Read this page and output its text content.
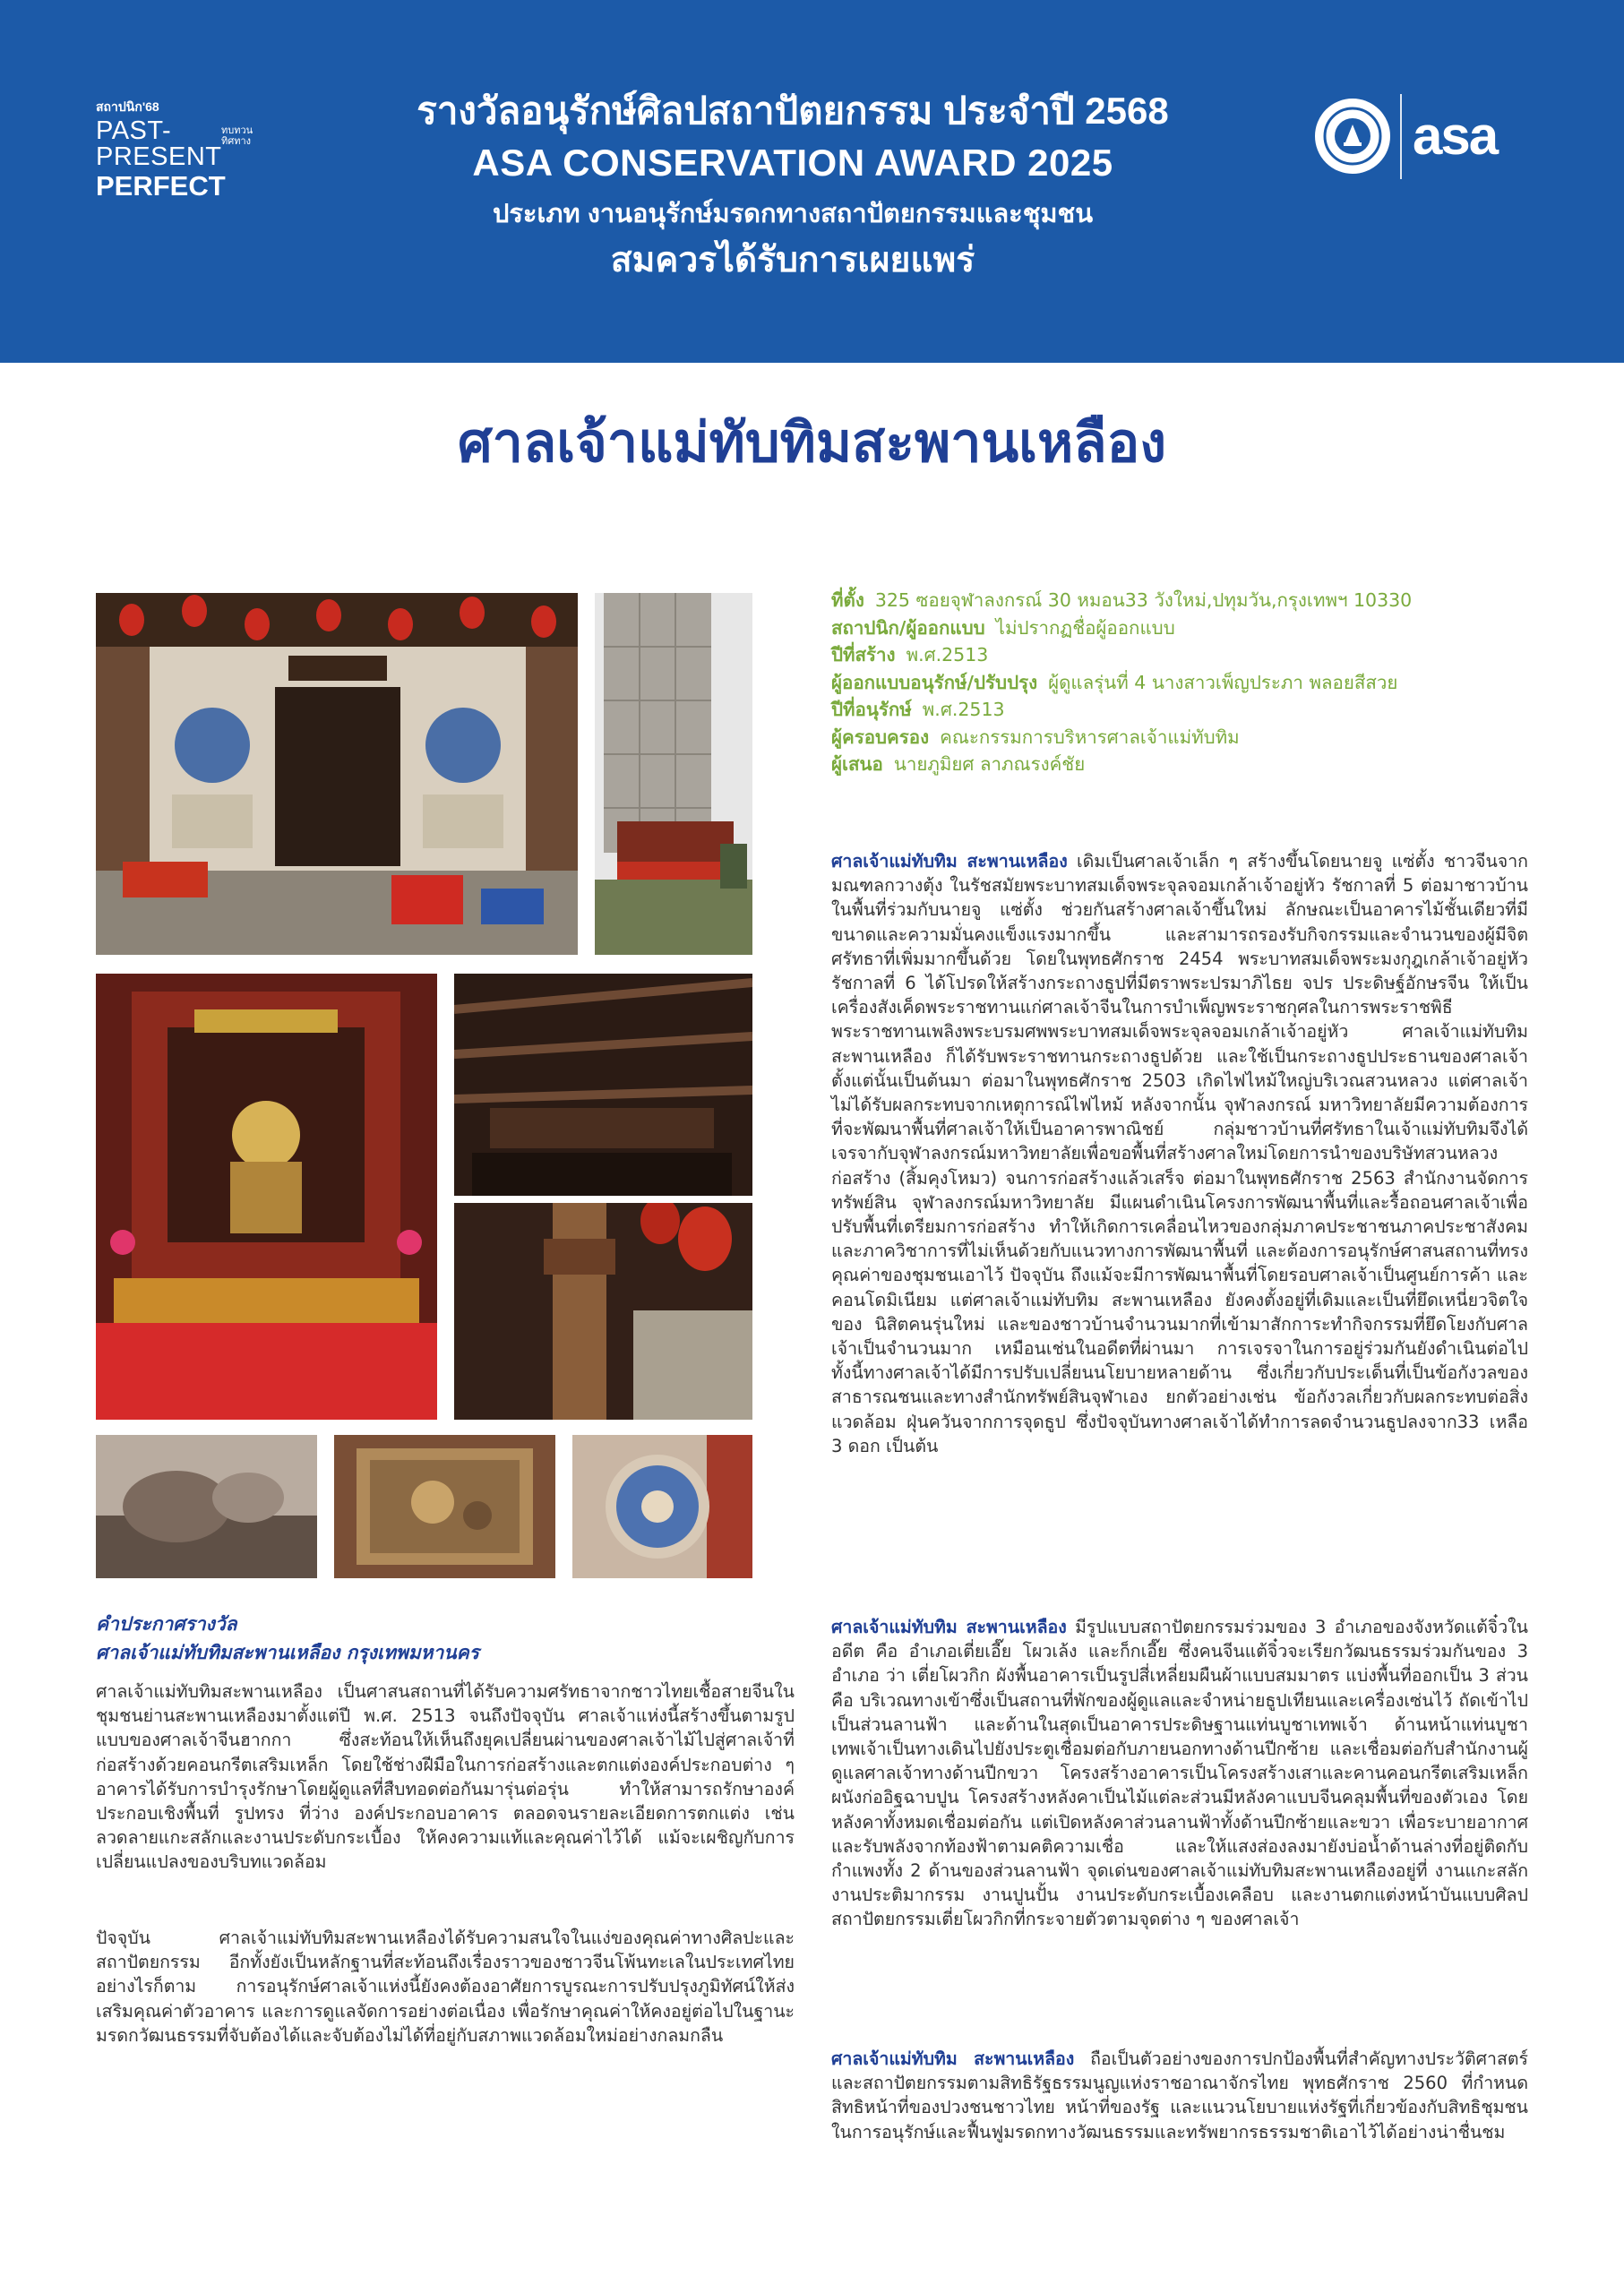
สถาปนิก'68
PAST-
PRESENT
PERFECT
ทบทวน
ทิศทาง
รางวัลอนุรักษ์ศิลปสถาปัตยกรรม ประจำปี 2568
ASA CONSERVATION AWARD 2025
ประเภท งานอนุรักษ์มรดกทางสถาปัตยกรรมและชุมชน
สมควรได้รับการเผยแพร่
asa
ศาลเจ้าแม่ทับทิมสะพานเหลือง
ที่ตั้ง 325 ซอยจุฬาลงกรณ์ 30 หมอน33 วังใหม่,ปทุมวัน,กรุงเทพฯ 10330
สถาปนิก/ผู้ออกแบบ ไม่ปรากฏชื่อผู้ออกแบบ
ปีที่สร้าง พ.ศ.2513
ผู้ออกแบบอนุรักษ์/ปรับปรุง ผู้ดูแลรุ่นที่ 4 นางสาวเพ็ญประภา พลอยสีสวย
ปีที่อนุรักษ์ พ.ศ.2513
ผู้ครอบครอง คณะกรรมการบริหารศาลเจ้าแม่ทับทิม
ผู้เสนอ นายภูมิยศ ลาภณรงค์ชัย
ศาลเจ้าแม่ทับทิม สะพานเหลือง เดิมเป็นศาลเจ้าเล็ก ๆ สร้างขึ้นโดยนายจู แซ่ตั้ง ชาวจีนจากมณฑลกวางตุ้ง ในรัชสมัยพระบาทสมเด็จพระจุลจอมเกล้าเจ้าอยู่หัว รัชกาลที่ 5 ต่อมาชาวบ้านในพื้นที่ร่วมกับนายจู แซ่ตั้ง ช่วยกันสร้างศาลเจ้าขึ้นใหม่ ลักษณะเป็นอาคารไม้ชั้นเดียวที่มีขนาดและความมั่นคงแข็งแรงมากขึ้น และสามารถรองรับกิจกรรมและจำนวนของผู้มีจิตศรัทธาที่เพิ่มมากขึ้นด้วย โดยในพุทธศักราช 2454 พระบาทสมเด็จพระมงกุฎเกล้าเจ้าอยู่หัว รัชกาลที่ 6 ได้โปรดให้สร้างกระถางธูปที่มีตราพระปรมาภิไธย จปร ประดิษฐ์อักษรจีน ให้เป็นเครื่องสังเค็ดพระราชทานแก่ศาลเจ้าจีนในการบำเพ็ญพระราชกุศลในการพระราชพิธีพระราชทานเพลิงพระบรมศพพระบาทสมเด็จพระจุลจอมเกล้าเจ้าอยู่หัว ศาลเจ้าแม่ทับทิม สะพานเหลือง ก็ได้รับพระราชทานกระถางธูปด้วย และใช้เป็นกระถางธูปประธานของศาลเจ้าตั้งแต่นั้นเป็นต้นมา ต่อมาในพุทธศักราช 2503 เกิดไฟไหม้ใหญ่บริเวณสวนหลวง แต่ศาลเจ้าไม่ได้รับผลกระทบจากเหตุการณ์ไฟไหม้ หลังจากนั้น จุฬาลงกรณ์ มหาวิทยาลัยมีความต้องการที่จะพัฒนาพื้นที่ศาลเจ้าให้เป็นอาคารพาณิชย์ กลุ่มชาวบ้านที่ศรัทธาในเจ้าแม่ทับทิมจึงได้เจรจากับจุฬาลงกรณ์มหาวิทยาลัยเพื่อขอพื้นที่สร้างศาลใหม่โดยการนำของบริษัทสวนหลวงก่อสร้าง (สิ้มคุงโหมว) จนการก่อสร้างแล้วเสร็จ ต่อมาในพุทธศักราช 2563 สำนักงานจัดการทรัพย์สิน จุฬาลงกรณ์มหาวิทยาลัย มีแผนดำเนินโครงการพัฒนาพื้นที่และรื้อถอนศาลเจ้าเพื่อปรับพื้นที่เตรียมการก่อสร้าง ทำให้เกิดการเคลื่อนไหวของกลุ่มภาคประชาชนภาคประชาสังคม และภาควิชาการที่ไม่เห็นด้วยกับแนวทางการพัฒนาพื้นที่ และต้องการอนุรักษ์ศาสนสถานที่ทรงคุณค่าของชุมชนเอาไว้ ปัจจุบัน ถึงแม้จะมีการพัฒนาพื้นที่โดยรอบศาลเจ้าเป็นศูนย์การค้า และคอนโดมิเนียม แต่ศาลเจ้าแม่ทับทิม สะพานเหลือง ยังคงตั้งอยู่ที่เดิมและเป็นที่ยึดเหนี่ยวจิตใจของ นิสิตคนรุ่นใหม่ และของชาวบ้านจำนวนมากที่เข้ามาสักการะทำกิจกรรมที่ยึดโยงกับศาลเจ้าเป็นจำนวนมาก เหมือนเช่นในอดีตที่ผ่านมา การเจรจาในการอยู่ร่วมกันยังดำเนินต่อไป ทั้งนี้ทางศาลเจ้าได้มีการปรับเปลี่ยนนโยบายหลายด้าน ซึ่งเกี่ยวกับประเด็นที่เป็นข้อกังวลของสาธารณชนและทางสำนักทรัพย์สินจุฬาเอง ยกตัวอย่างเช่น ข้อกังวลเกี่ยวกับผลกระทบต่อสิ่งแวดล้อม ฝุ่นควันจากการจุดธูป ซึ่งปัจจุบันทางศาลเจ้าได้ทำการลดจำนวนธูปลงจาก33 เหลือ 3 ดอก เป็นต้น
ศาลเจ้าแม่ทับทิม สะพานเหลือง มีรูปแบบสถาปัตยกรรมร่วมของ 3 อำเภอของจังหวัดแต้จิ๋วในอดีต คือ อำเภอเตี่ยเอี๊ย โผวเล้ง และก็กเอี๊ย ซึ่งคนจีนแต้จิ๋วจะเรียกวัฒนธรรมร่วมกันของ 3 อำเภอ ว่า เตี่ยโผวกิก ผังพื้นอาคารเป็นรูปสี่เหลี่ยมผืนผ้าแบบสมมาตร แบ่งพื้นที่ออกเป็น 3 ส่วน คือ บริเวณทางเข้าซึ่งเป็นสถานที่พักของผู้ดูแลและจำหน่ายธูปเทียนและเครื่องเซ่นไว้ ถัดเข้าไปเป็นส่วนลานฟ้า และด้านในสุดเป็นอาคารประดิษฐานแท่นบูชาเทพเจ้า ด้านหน้าแท่นบูชาเทพเจ้าเป็นทางเดินไปยังประตูเชื่อมต่อกับภายนอกทางด้านปีกซ้าย และเชื่อมต่อกับสำนักงานผู้ดูแลศาลเจ้าทางด้านปีกขวา โครงสร้างอาคารเป็นโครงสร้างเสาและคานคอนกรีตเสริมเหล็ก ผนังก่ออิฐฉาบปูน โครงสร้างหลังคาเป็นไม้แต่ละส่วนมีหลังคาแบบจีนคลุมพื้นที่ของตัวเอง โดยหลังคาทั้งหมดเชื่อมต่อกัน แต่เปิดหลังคาส่วนลานฟ้าทั้งด้านปีกซ้ายและขวา เพื่อระบายอากาศและรับพลังจากท้องฟ้าตามคติความเชื่อ และให้แสงส่องลงมายังบ่อน้ำด้านล่างที่อยู่ติดกับกำแพงทั้ง 2 ด้านของส่วนลานฟ้า จุดเด่นของศาลเจ้าแม่ทับทิมสะพานเหลืองอยู่ที่ งานแกะสลัก งานประติมากรรม งานปูนปั้น งานประดับกระเบื้องเคลือบ และงานตกแต่งหน้าบันแบบศิลปสถาปัตยกรรมเตี่ยโผวกิกที่กระจายตัวตามจุดต่าง ๆ ของศาลเจ้า
ศาลเจ้าแม่ทับทิม สะพานเหลือง ถือเป็นตัวอย่างของการปกป้องพื้นที่สำคัญทางประวัติศาสตร์และสถาปัตยกรรมตามสิทธิรัฐธรรมนูญแห่งราชอาณาจักรไทย พุทธศักราช 2560 ที่กำหนดสิทธิหน้าที่ของปวงชนชาวไทย หน้าที่ของรัฐ และแนวนโยบายแห่งรัฐที่เกี่ยวข้องกับสิทธิชุมชนในการอนุรักษ์และฟื้นฟูมรดกทางวัฒนธรรมและทรัพยากรธรรมชาติเอาไว้ได้อย่างน่าชื่นชม
คำประกาศรางวัล
ศาลเจ้าแม่ทับทิมสะพานเหลือง กรุงเทพมหานคร
ศาลเจ้าแม่ทับทิมสะพานเหลือง เป็นศาสนสถานที่ได้รับความศรัทธาจากชาวไทยเชื้อสายจีนในชุมชนย่านสะพานเหลืองมาตั้งแต่ปี พ.ศ. 2513 จนถึงปัจจุบัน ศาลเจ้าแห่งนี้สร้างขึ้นตามรูปแบบของศาลเจ้าจีนฮากกา ซึ่งสะท้อนให้เห็นถึงยุคเปลี่ยนผ่านของศาลเจ้าไม้ไปสู่ศาลเจ้าที่ก่อสร้างด้วยคอนกรีตเสริมเหล็ก โดยใช้ช่างฝีมือในการก่อสร้างและตกแต่งองค์ประกอบต่าง ๆ อาคารได้รับการบำรุงรักษาโดยผู้ดูแลที่สืบทอดต่อกันมารุ่นต่อรุ่น ทำให้สามารถรักษาองค์ประกอบเชิงพื้นที่ รูปทรง ที่ว่าง องค์ประกอบอาคาร ตลอดจนรายละเอียดการตกแต่ง เช่น ลวดลายแกะสลักและงานประดับกระเบื้อง ให้คงความแท้และคุณค่าไว้ได้ แม้จะเผชิญกับการเปลี่ยนแปลงของบริบทแวดล้อม
ปัจจุบัน ศาลเจ้าแม่ทับทิมสะพานเหลืองได้รับความสนใจในแง่ของคุณค่าทางศิลปะและสถาปัตยกรรม อีกทั้งยังเป็นหลักฐานที่สะท้อนถึงเรื่องราวของชาวจีนโพ้นทะเลในประเทศไทย อย่างไรก็ตาม การอนุรักษ์ศาลเจ้าแห่งนี้ยังคงต้องอาศัยการบูรณะการปรับปรุงภูมิทัศน์ให้ส่งเสริมคุณค่าตัวอาคาร และการดูแลจัดการอย่างต่อเนื่อง เพื่อรักษาคุณค่าให้คงอยู่ต่อไปในฐานะมรดกวัฒนธรรมที่จับต้องได้และจับต้องไม่ได้ที่อยู่กับสภาพแวดล้อมใหม่อย่างกลมกลืน
